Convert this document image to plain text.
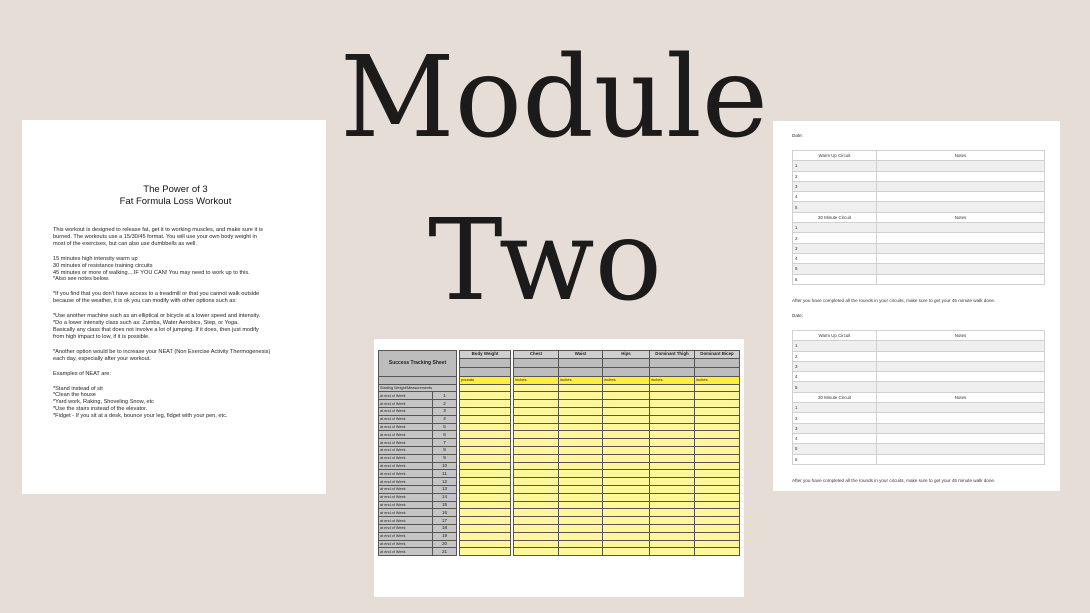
Module
Two
The Power of 3
Fat Formula Loss Workout

This workout is designed to release fat, get it to working muscles, and make sure it is
burned. The workouts use a 15/30/45 format. You will use your own body weight in
most of the exercises, but can also use dumbbells as well.

15 minutes high intensity warm up
30 minutes of resistance training circuits
45 minutes or more of walking....IF YOU CAN! You may need to work up to this.
*Also see notes below.

*If you find that you don't have access to a treadmill or that you cannot walk outside
because of the weather, it is ok you can modify with other options such as:

*Use another machine such as an elliptical or bicycle at a lower speed and intensity.
*Do a lower intensity class such as: Zumba, Water Aerobics, Step, or Yoga.
Basically any class that does not involve a lot of jumping. If it does, then just modify
from high impact to low, if it is possible.

*Another option would be to increase your NEAT (Non Exercise Activity Thermogenesis)
each day, especially after your workout.

Examples of NEAT are:

*Stand instead of sit
*Clean the house
*Yard work, Raking, Shoveling Snow, etc
*Use the stairs instead of the elevator.
*Fidget - If you sit at a desk, bounce your leg, fidget with your pen, etc.

Success Tracking Sheet			Body Weight		Chest	Waist	Hips	Dominant Thigh	Dominant Bicep

			pounds		inches	inches	inches	inches	inches
Starting Weight/Measurements									
at end of Week	1								
at end of Week	2								
at end of Week	3								
at end of Week	4								
at end of Week	5								
at end of Week	6								
at end of Week	7								
at end of Week	8								
at end of Week	9								
at end of Week	10								
at end of Week	11								
at end of Week	12								
at end of Week	13								
at end of Week	14								
at end of Week	15								
at end of Week	16								
at end of Week	17								
at end of Week	18								
at end of Week	19								
at end of Week	20								
at end of Week	21								
Date:
Warm Up Circuit	Notes
1	
2	
3	
4	
5	
30 Minute Circuit	Notes
1	
2	
3	
4	
5	
6	
After you have completed all the rounds in your circuits, make sure to get your 45 minute walk done.
Date:
Warm Up Circuit	Notes
1	
2	
3	
4	
5	
30 Minute Circuit	Notes
1	
2	
3	
4	
5	
6	
After you have completed all the rounds in your circuits, make sure to get your 45 minute walk done.
